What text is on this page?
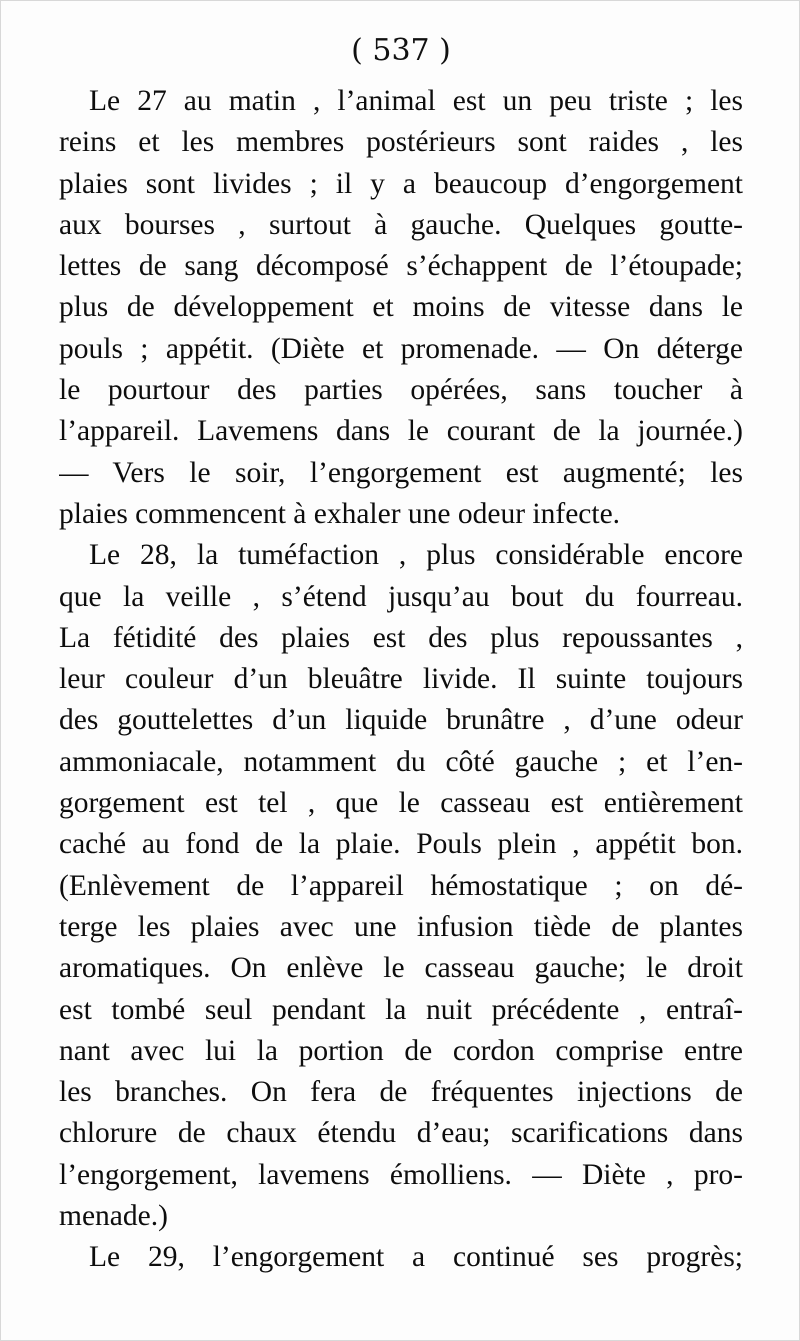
( 537 )
Le 27 au matin , l’animal est un peu triste ; les
reins et les membres postérieurs sont raides , les
plaies sont livides ; il y a beaucoup d’engorgement
aux bourses , surtout à gauche. Quelques goutte-
lettes de sang décomposé s’échappent de l’étoupade;
plus de développement et moins de vitesse dans le
pouls ; appétit. (Diète et promenade. — On déterge
le pourtour des parties opérées, sans toucher à
l’appareil. Lavemens dans le courant de la journée.)
— Vers le soir, l’engorgement est augmenté; les
plaies commencent à exhaler une odeur infecte.
Le 28, la tuméfaction , plus considérable encore
que la veille , s’étend jusqu’au bout du fourreau.
La fétidité des plaies est des plus repoussantes ,
leur couleur d’un bleuâtre livide. Il suinte toujours
des gouttelettes d’un liquide brunâtre , d’une odeur
ammoniacale, notamment du côté gauche ; et l’en-
gorgement est tel , que le casseau est entièrement
caché au fond de la plaie. Pouls plein , appétit bon.
(Enlèvement de l’appareil hémostatique ; on dé-
terge les plaies avec une infusion tiède de plantes
aromatiques. On enlève le casseau gauche; le droit
est tombé seul pendant la nuit précédente , entraî-
nant avec lui la portion de cordon comprise entre
les branches. On fera de fréquentes injections de
chlorure de chaux étendu d’eau; scarifications dans
l’engorgement, lavemens émolliens. — Diète , pro-
menade.)
Le 29, l’engorgement a continué ses progrès;
